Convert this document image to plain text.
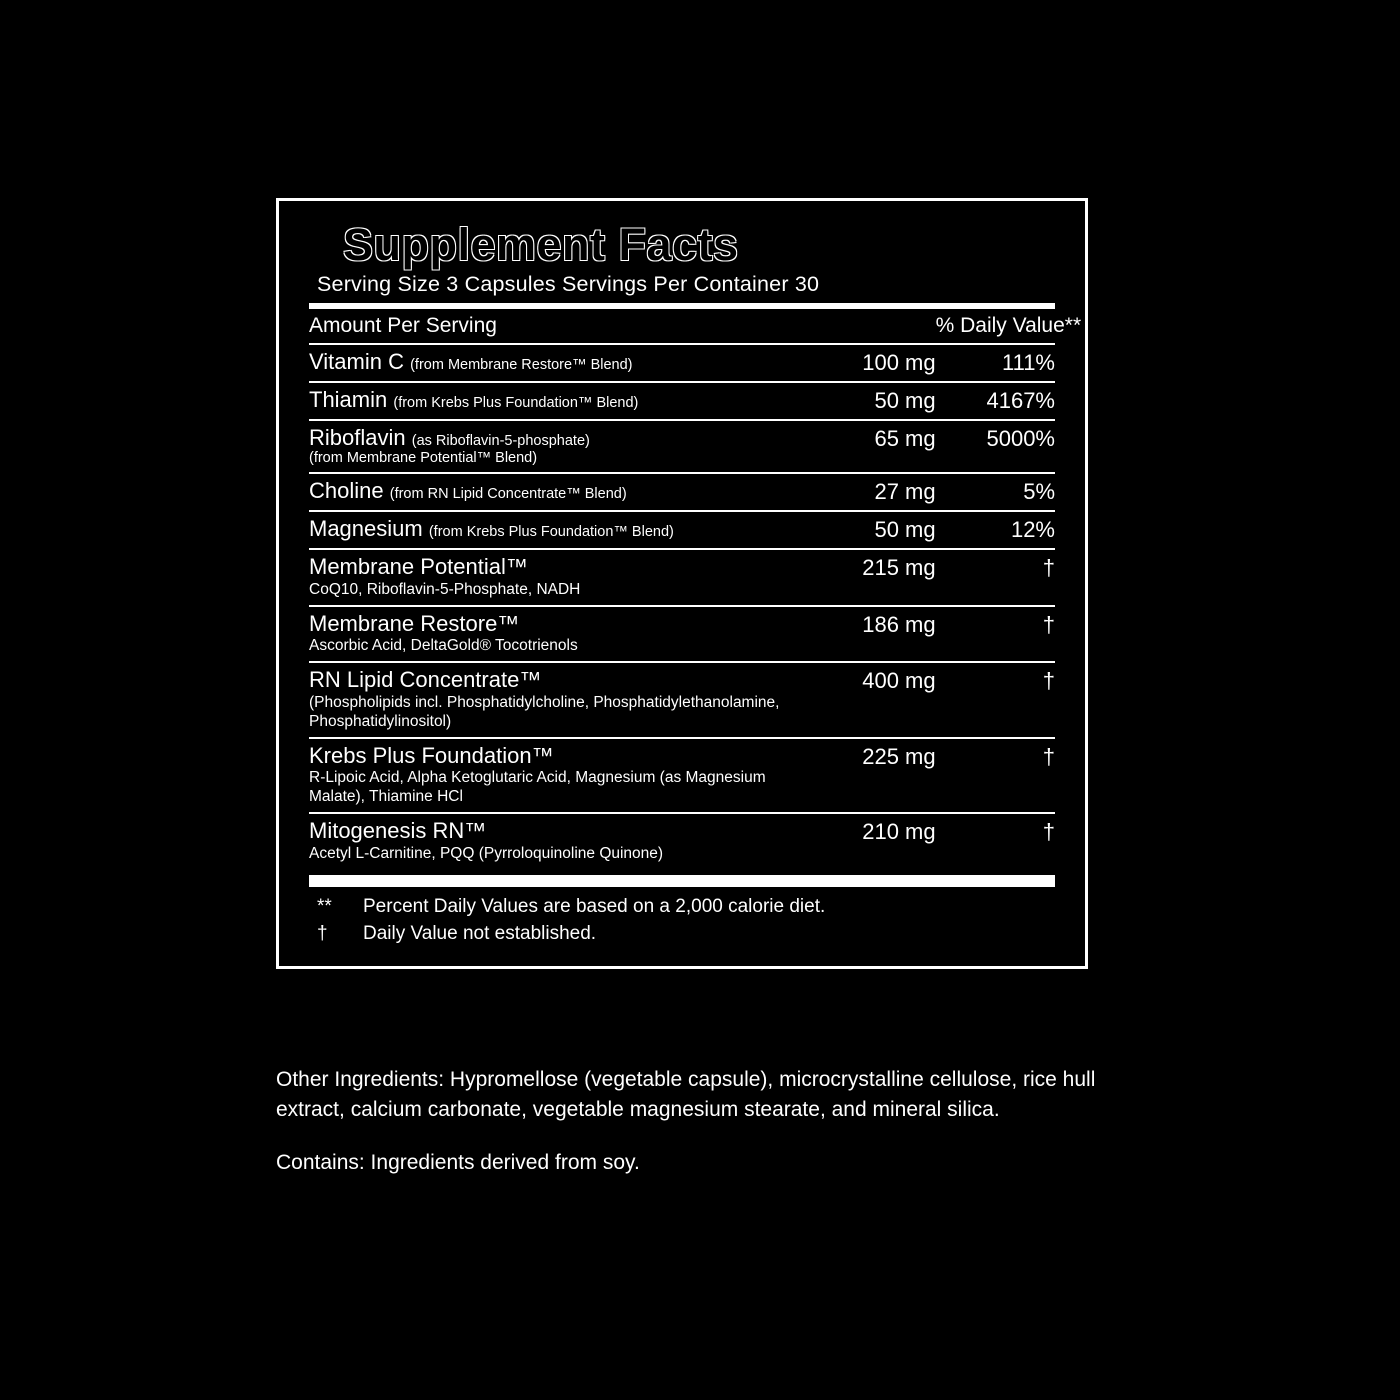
Supplement Facts
Serving Size 3 Capsules Servings Per Container 30
Amount Per Serving		% Daily Value**
Vitamin C (from Membrane Restore™ Blend)	100 mg	111%
Thiamin (from Krebs Plus Foundation™ Blend)	50 mg	4167%
Riboflavin (as Riboflavin-5-phosphate)
(from Membrane Potential™ Blend)	65 mg	5000%
Choline (from RN Lipid Concentrate™ Blend)	27 mg	5%
Magnesium (from Krebs Plus Foundation™ Blend)	50 mg	12%
Membrane Potential™
CoQ10, Riboflavin-5-Phosphate, NADH	215 mg	†
Membrane Restore™
Ascorbic Acid, DeltaGold® Tocotrienols	186 mg	†
RN Lipid Concentrate™
(Phospholipids incl. Phosphatidylcholine, Phosphatidylethanolamine, Phosphatidylinositol)	400 mg	†
Krebs Plus Foundation™
R-Lipoic Acid, Alpha Ketoglutaric Acid, Magnesium (as Magnesium Malate), Thiamine HCl	225 mg	†
Mitogenesis RN™
Acetyl L-Carnitine, PQQ (Pyrroloquinoline Quinone)	210 mg	†
**	Percent Daily Values are based on a 2,000 calorie diet.
†	Daily Value not established.

Other Ingredients: Hypromellose (vegetable capsule), microcrystalline cellulose, rice hull extract, calcium carbonate, vegetable magnesium stearate, and mineral silica.

Contains: Ingredients derived from soy.
